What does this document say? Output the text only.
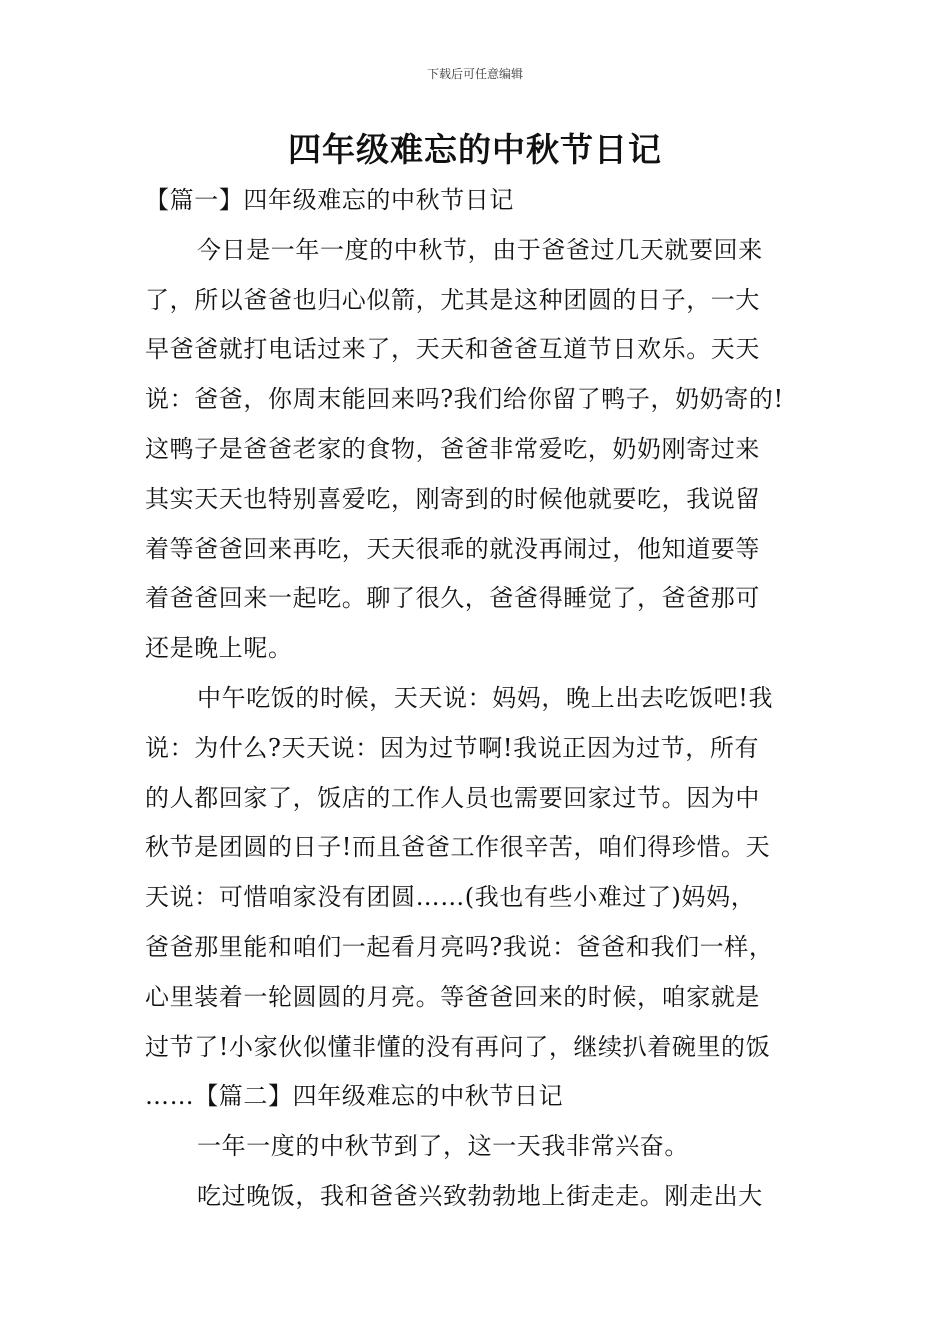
下载后可任意编辑
四年级难忘的中秋节日记
【篇一】四年级难忘的中秋节日记
今日是一年一度的中秋节，由于爸爸过几天就要回来
了，所以爸爸也归心似箭，尤其是这种团圆的日子，一大
早爸爸就打电话过来了，天天和爸爸互道节日欢乐。天天
说：爸爸，你周末能回来吗?我们给你留了鸭子，奶奶寄的!
这鸭子是爸爸老家的食物，爸爸非常爱吃，奶奶刚寄过来
其实天天也特别喜爱吃，刚寄到的时候他就要吃，我说留
着等爸爸回来再吃，天天很乖的就没再闹过，他知道要等
着爸爸回来一起吃。聊了很久，爸爸得睡觉了，爸爸那可
还是晚上呢。
中午吃饭的时候，天天说：妈妈，晚上出去吃饭吧!我
说：为什么?天天说：因为过节啊!我说正因为过节，所有
的人都回家了，饭店的工作人员也需要回家过节。因为中
秋节是团圆的日子!而且爸爸工作很辛苦，咱们得珍惜。天
天说：可惜咱家没有团圆……(我也有些小难过了)妈妈，
爸爸那里能和咱们一起看月亮吗?我说：爸爸和我们一样，
心里装着一轮圆圆的月亮。等爸爸回来的时候，咱家就是
过节了!小家伙似懂非懂的没有再问了，继续扒着碗里的饭
……【篇二】四年级难忘的中秋节日记
一年一度的中秋节到了，这一天我非常兴奋。
吃过晚饭，我和爸爸兴致勃勃地上街走走。刚走出大
